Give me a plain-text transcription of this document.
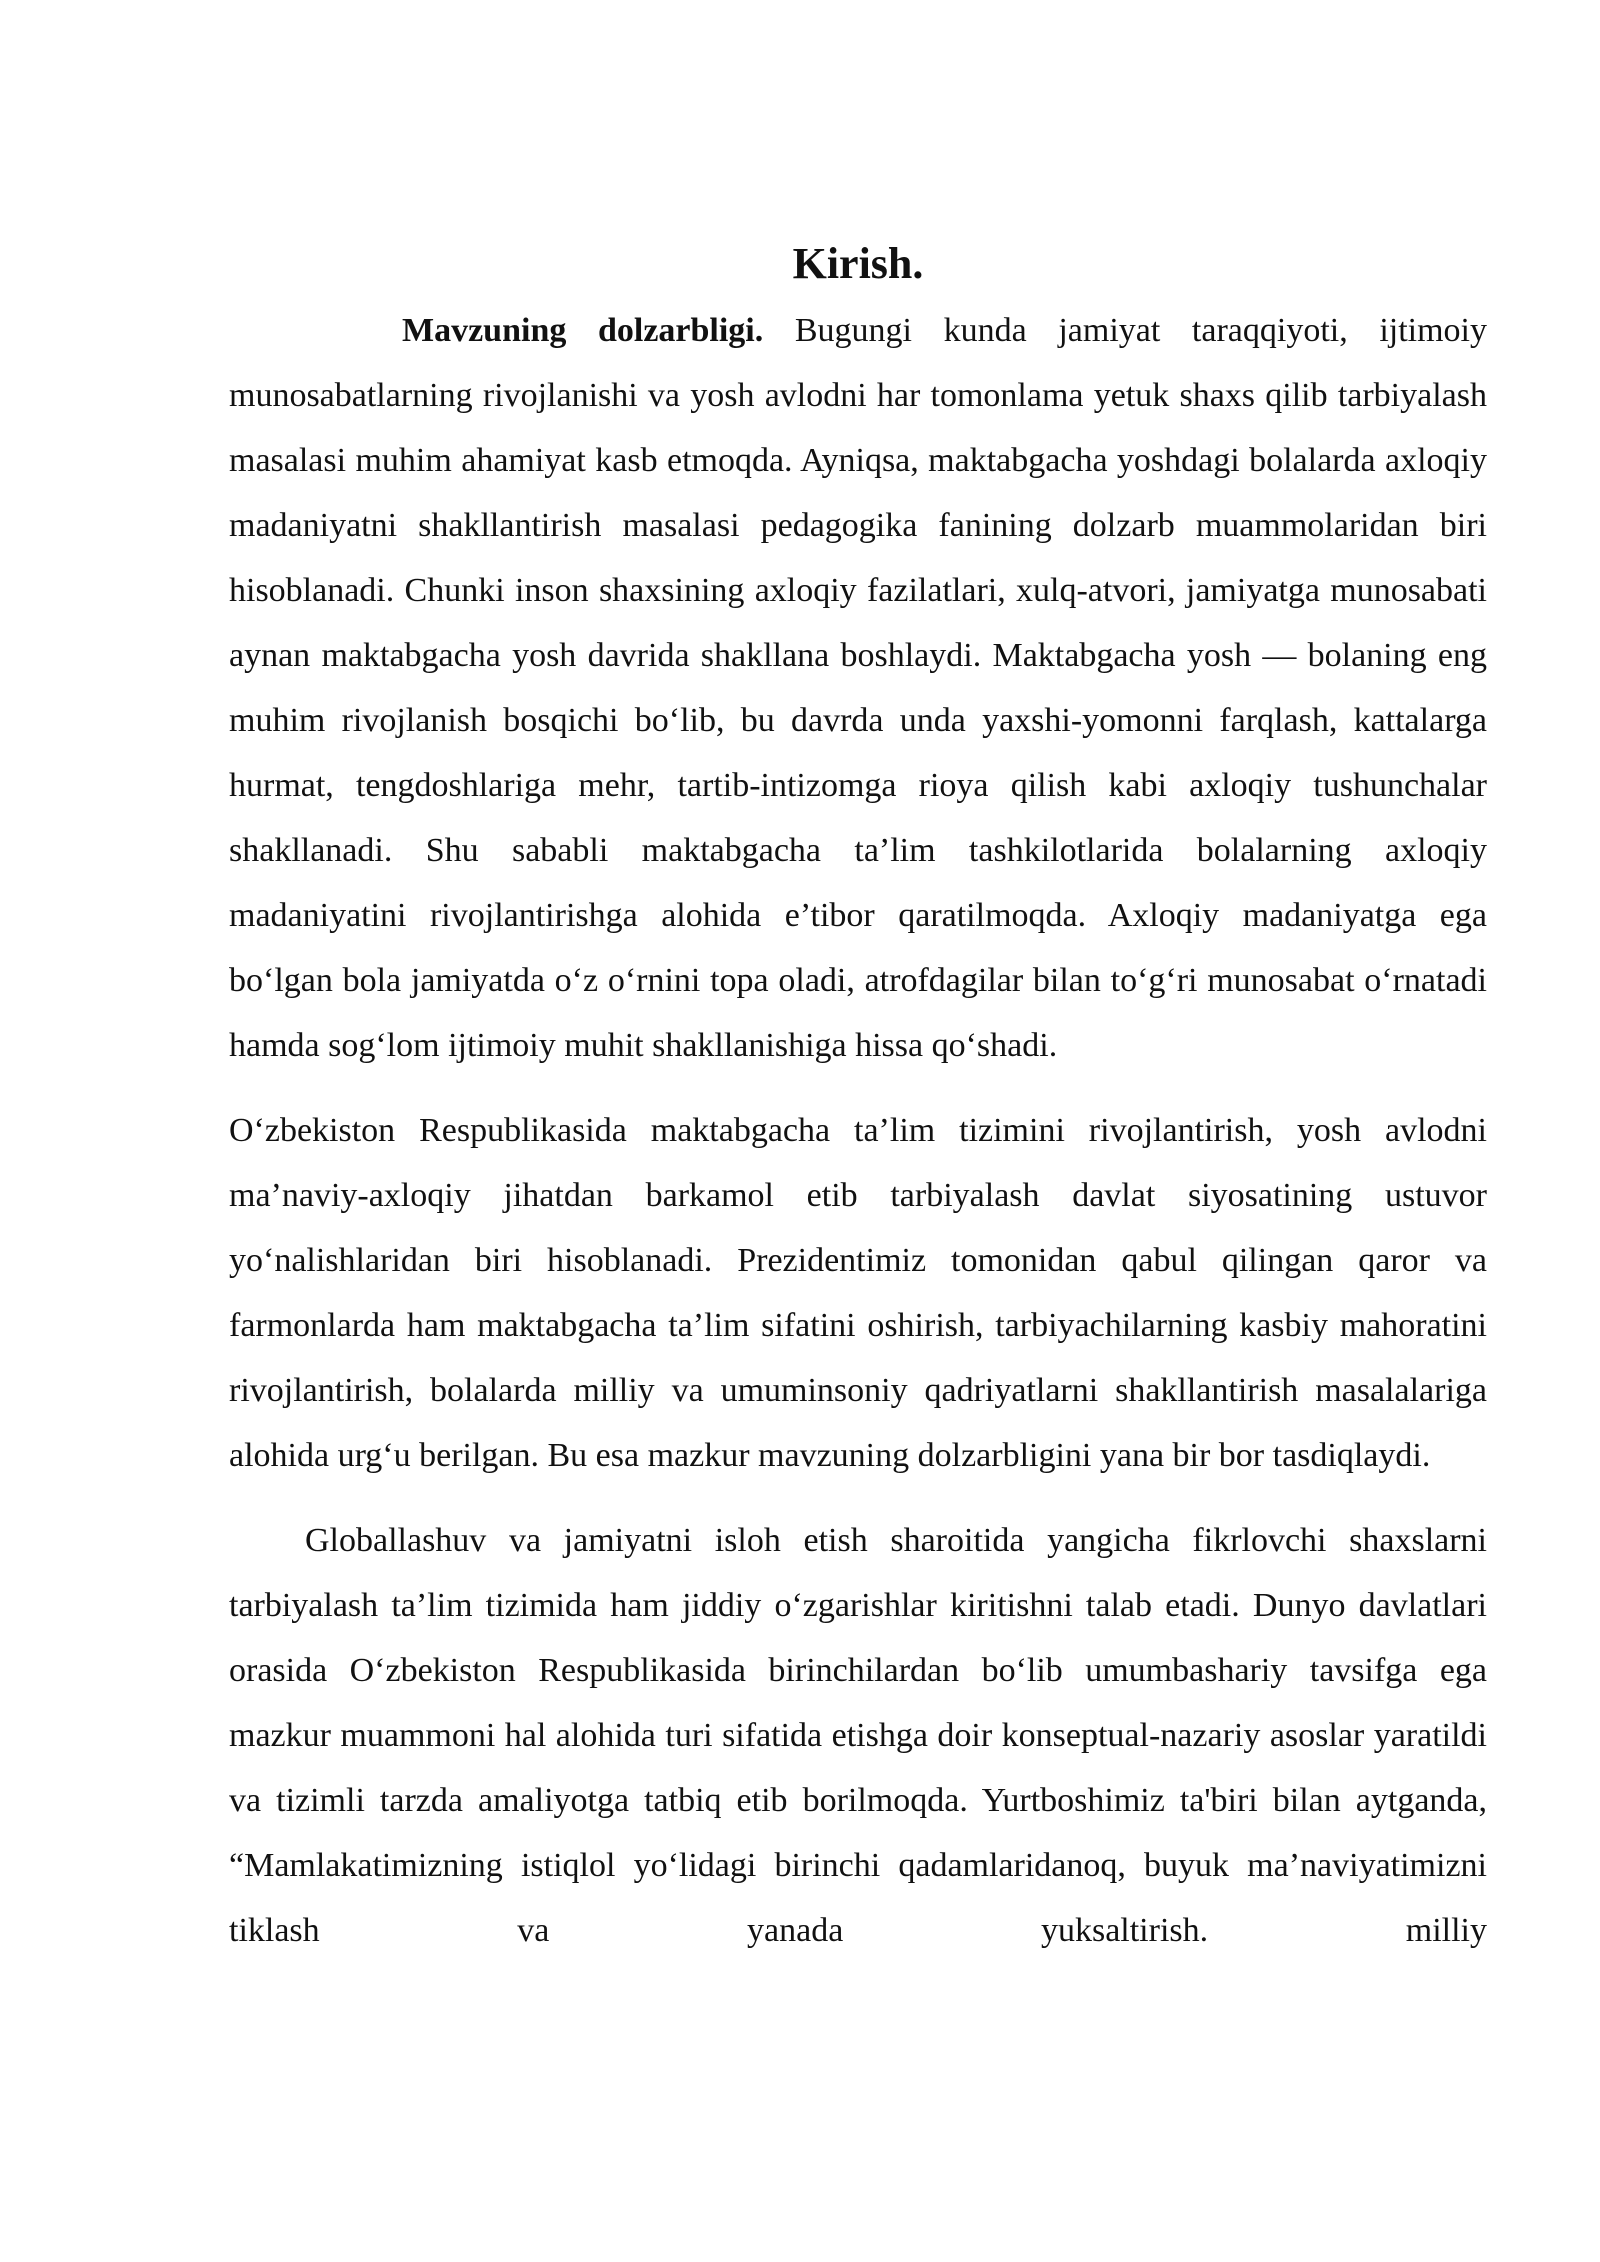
Kirish.

Mavzuning dolzarbligi. Bugungi kunda jamiyat taraqqiyoti, ijtimoiy munosabatlarning rivojlanishi va yosh avlodni har tomonlama yetuk shaxs qilib tarbiyalash masalasi muhim ahamiyat kasb etmoqda. Ayniqsa, maktabgacha yoshdagi bolalarda axloqiy madaniyatni shakllantirish masalasi pedagogika fanining dolzarb muammolaridan biri hisoblanadi. Chunki inson shaxsining axloqiy fazilatlari, xulq-atvori, jamiyatga munosabati aynan maktabgacha yosh davrida shakllana boshlaydi. Maktabgacha yosh — bolaning eng muhim rivojlanish bosqichi bo‘lib, bu davrda unda yaxshi-yomonni farqlash, kattalarga hurmat, tengdoshlariga mehr, tartib-intizomga rioya qilish kabi axloqiy tushunchalar shakllanadi. Shu sababli maktabgacha ta’lim tashkilotlarida bolalarning axloqiy madaniyatini rivojlantirishga alohida e’tibor qaratilmoqda. Axloqiy madaniyatga ega bo‘lgan bola jamiyatda o‘z o‘rnini topa oladi, atrofdagilar bilan to‘g‘ri munosabat o‘rnatadi hamda sog‘lom ijtimoiy muhit shakllanishiga hissa qo‘shadi.

O‘zbekiston Respublikasida maktabgacha ta’lim tizimini rivojlantirish, yosh avlodni ma’naviy-axloqiy jihatdan barkamol etib tarbiyalash davlat siyosatining ustuvor yo‘nalishlaridan biri hisoblanadi. Prezidentimiz tomonidan qabul qilingan qaror va farmonlarda ham maktabgacha ta’lim sifatini oshirish, tarbiyachilarning kasbiy mahoratini rivojlantirish, bolalarda milliy va umuminsoniy qadriyatlarni shakllantirish masalalariga alohida urg‘u berilgan. Bu esa mazkur mavzuning dolzarbligini yana bir bor tasdiqlaydi.

Globallashuv va jamiyatni isloh etish sharoitida yangicha fikrlovchi shaxslarni tarbiyalash ta’lim tizimida ham jiddiy o‘zgarishlar kiritishni talab etadi. Dunyo davlatlari orasida O‘zbekiston Respublikasida birinchilardan bo‘lib umumbashariy tavsifga ega mazkur muammoni hal alohida turi sifatida etishga doir konseptual-nazariy asoslar yaratildi va tizimli tarzda amaliyotga tatbiq etib borilmoqda. Yurtboshimiz ta'biri bilan aytganda, “Mamlakatimizning istiqlol yo‘lidagi birinchi qadamlaridanoq, buyuk ma’naviyatimizni tiklash va yanada yuksaltirish. milliy
